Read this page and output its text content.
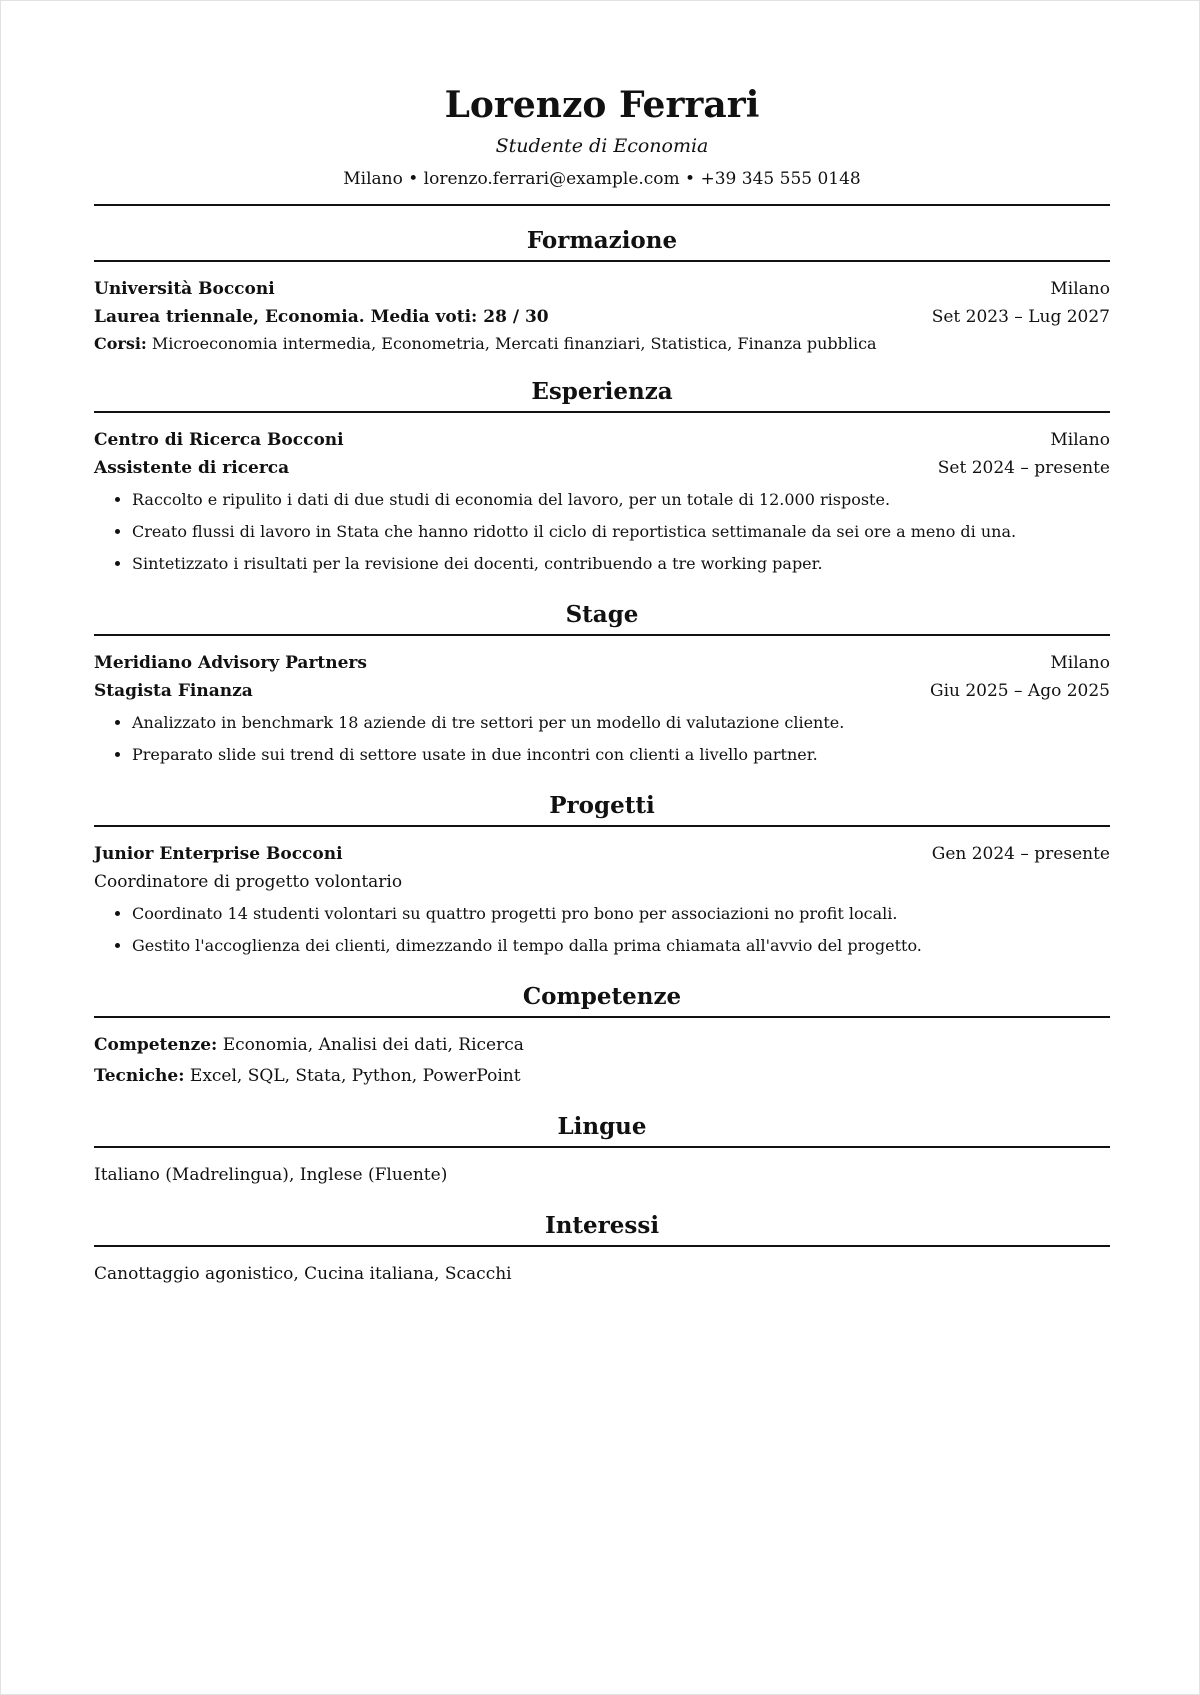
Lorenzo Ferrari
Studente di Economia
Milano • lorenzo.ferrari@example.com • +39 345 555 0148
Formazione
Università Bocconi	Milano
Laurea triennale, Economia. Media voti: 28 / 30	Set 2023 – Lug 2027
Corsi: Microeconomia intermedia, Econometria, Mercati finanziari, Statistica, Finanza pubblica
Esperienza
Centro di Ricerca Bocconi	Milano
Assistente di ricerca	Set 2024 – presente
• Raccolto e ripulito i dati di due studi di economia del lavoro, per un totale di 12.000 risposte.
• Creato flussi di lavoro in Stata che hanno ridotto il ciclo di reportistica settimanale da sei ore a meno di una.
• Sintetizzato i risultati per la revisione dei docenti, contribuendo a tre working paper.
Stage
Meridiano Advisory Partners	Milano
Stagista Finanza	Giu 2025 – Ago 2025
• Analizzato in benchmark 18 aziende di tre settori per un modello di valutazione cliente.
• Preparato slide sui trend di settore usate in due incontri con clienti a livello partner.
Progetti
Junior Enterprise Bocconi	Gen 2024 – presente
Coordinatore di progetto volontario
• Coordinato 14 studenti volontari su quattro progetti pro bono per associazioni no profit locali.
• Gestito l'accoglienza dei clienti, dimezzando il tempo dalla prima chiamata all'avvio del progetto.
Competenze
Competenze: Economia, Analisi dei dati, Ricerca
Tecniche: Excel, SQL, Stata, Python, PowerPoint
Lingue
Italiano (Madrelingua), Inglese (Fluente)
Interessi
Canottaggio agonistico, Cucina italiana, Scacchi
